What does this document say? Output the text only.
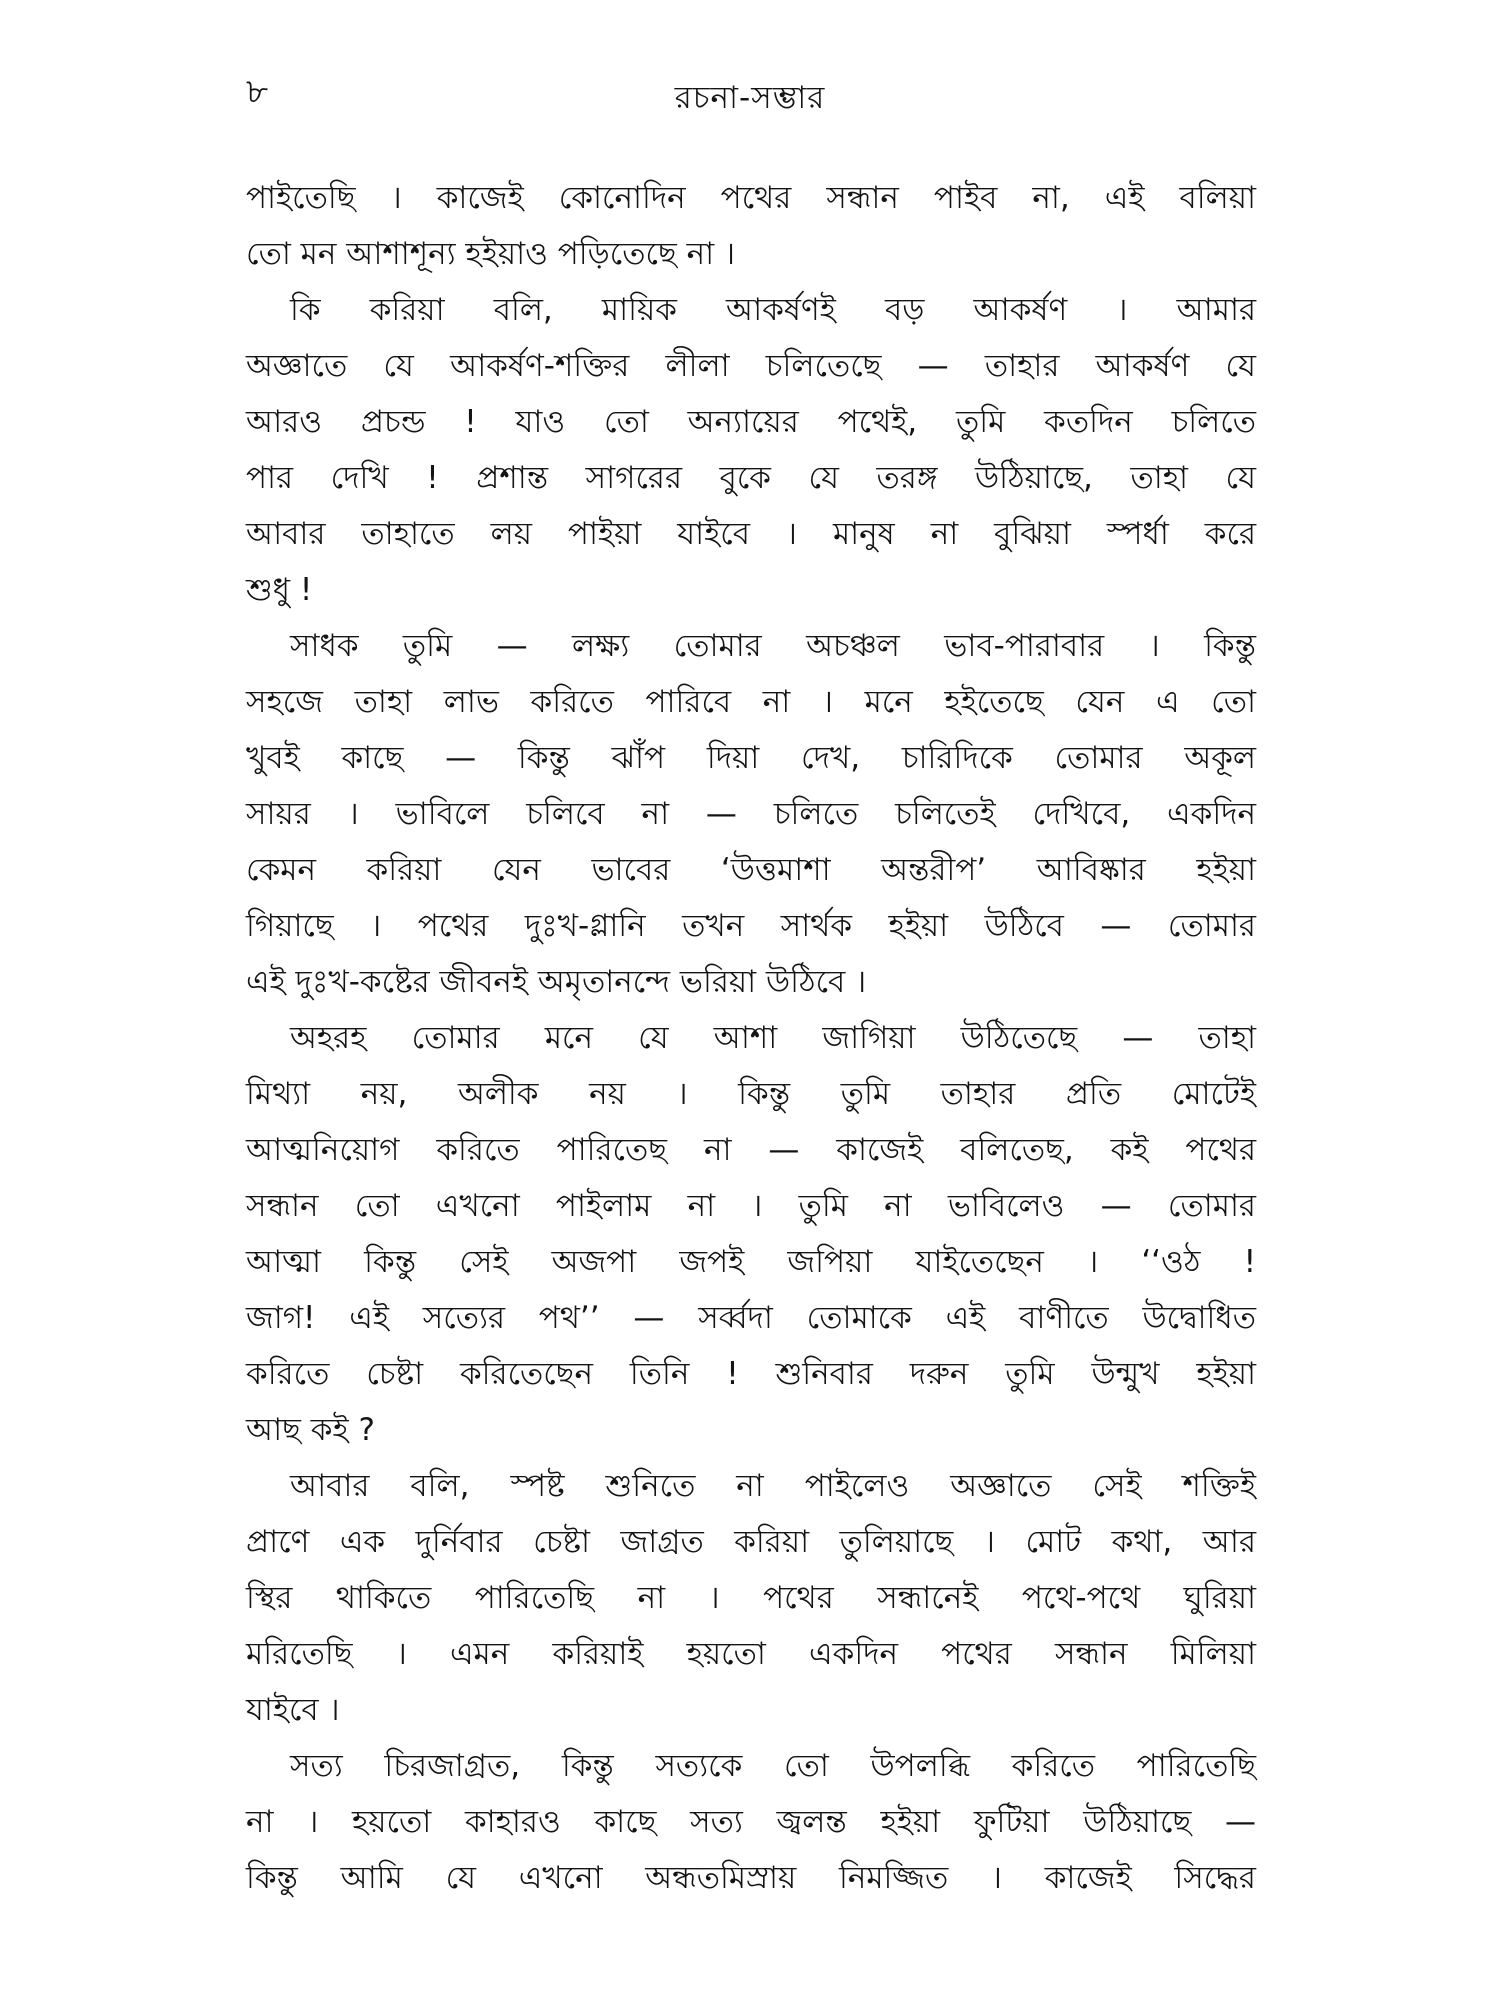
৮	রচনা-সম্ভার
পাইতেছি । কাজেই কোনোদিন পথের সন্ধান পাইব না, এই বলিয়া
তো মন আশাশূন্য হইয়াও পড়িতেছে না ।
কি করিয়া বলি, মায়িক আকর্ষণই বড় আকর্ষণ । আমার
অজ্ঞাতে যে আকর্ষণ-শক্তির লীলা চলিতেছে — তাহার আকর্ষণ যে
আরও প্রচন্ড ! যাও তো অন্যায়ের পথেই, তুমি কতদিন চলিতে
পার দেখি ! প্রশান্ত সাগরের বুকে যে তরঙ্গ উঠিয়াছে, তাহা যে
আবার তাহাতে লয় পাইয়া যাইবে । মানুষ না বুঝিয়া স্পর্ধা করে
শুধু !
সাধক তুমি — লক্ষ্য তোমার অচঞ্চল ভাব-পারাবার । কিন্তু
সহজে তাহা লাভ করিতে পারিবে না । মনে হইতেছে যেন এ তো
খুবই কাছে — কিন্তু ঝাঁপ দিয়া দেখ, চারিদিকে তোমার অকূল
সায়র । ভাবিলে চলিবে না — চলিতে চলিতেই দেখিবে, একদিন
কেমন করিয়া যেন ভাবের ‘উত্তমাশা অন্তরীপ’ আবিষ্কার হইয়া
গিয়াছে । পথের দুঃখ-গ্লানি তখন সার্থক হইয়া উঠিবে — তোমার
এই দুঃখ-কষ্টের জীবনই অমৃতানন্দে ভরিয়া উঠিবে ।
অহরহ তোমার মনে যে আশা জাগিয়া উঠিতেছে — তাহা
মিথ্যা নয়, অলীক নয় । কিন্তু তুমি তাহার প্রতি মোটেই
আত্মনিয়োগ করিতে পারিতেছ না — কাজেই বলিতেছ, কই পথের
সন্ধান তো এখনো পাইলাম না । তুমি না ভাবিলেও — তোমার
আত্মা কিন্তু সেই অজপা জপই জপিয়া যাইতেছেন । ‘‘ওঠ !
জাগ! এই সত্যের পথ’’ — সর্ব্বদা তোমাকে এই বাণীতে উদ্বোধিত
করিতে চেষ্টা করিতেছেন তিনি ! শুনিবার দরুন তুমি উন্মুখ হইয়া
আছ কই ?
আবার বলি, স্পষ্ট শুনিতে না পাইলেও অজ্ঞাতে সেই শক্তিই
প্রাণে এক দুর্নিবার চেষ্টা জাগ্রত করিয়া তুলিয়াছে । মোট কথা, আর
স্থির থাকিতে পারিতেছি না । পথের সন্ধানেই পথে-পথে ঘুরিয়া
মরিতেছি । এমন করিয়াই হয়তো একদিন পথের সন্ধান মিলিয়া
যাইবে ।
সত্য চিরজাগ্রত, কিন্তু সত্যকে তো উপলব্ধি করিতে পারিতেছি
না । হয়তো কাহারও কাছে সত্য জ্বলন্ত হইয়া ফুটিয়া উঠিয়াছে —
কিন্তু আমি যে এখনো অন্ধতমিস্রায় নিমজ্জিত । কাজেই সিদ্ধের
